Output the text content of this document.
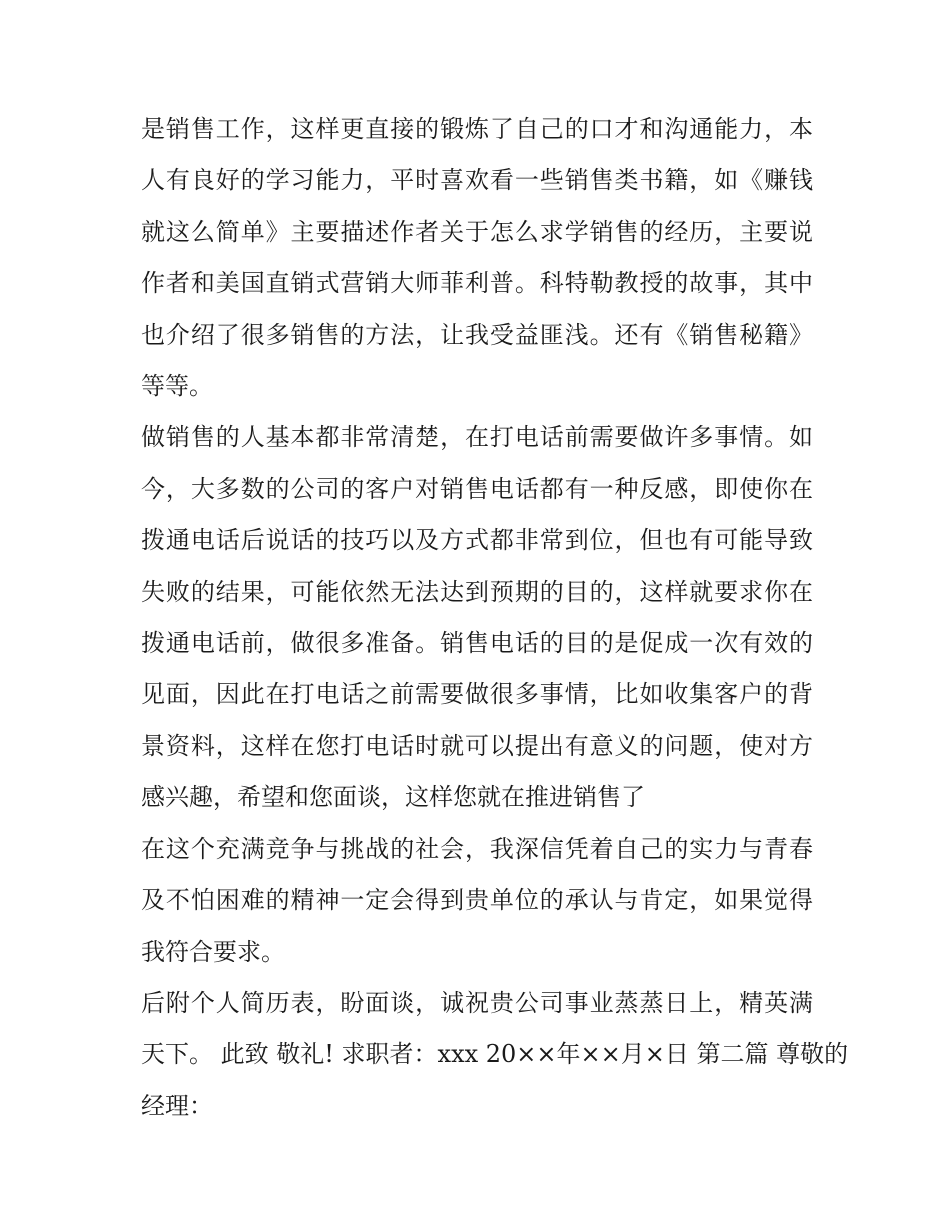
是销售工作，这样更直接的锻炼了自己的口才和沟通能力，本
人有良好的学习能力，平时喜欢看一些销售类书籍，如《赚钱
就这么简单》主要描述作者关于怎么求学销售的经历，主要说
作者和美国直销式营销大师菲利普。科特勒教授的故事，其中
也介绍了很多销售的方法，让我受益匪浅。还有《销售秘籍》
等等。

做销售的人基本都非常清楚，在打电话前需要做许多事情。如
今，大多数的公司的客户对销售电话都有一种反感，即使你在
拨通电话后说话的技巧以及方式都非常到位，但也有可能导致
失败的结果，可能依然无法达到预期的目的，这样就要求你在
拨通电话前，做很多准备。销售电话的目的是促成一次有效的
见面，因此在打电话之前需要做很多事情，比如收集客户的背
景资料，这样在您打电话时就可以提出有意义的问题，使对方
感兴趣，希望和您面谈，这样您就在推进销售了

在这个充满竞争与挑战的社会，我深信凭着自己的实力与青春
及不怕困难的精神一定会得到贵单位的承认与肯定，如果觉得
我符合要求。

后附个人简历表，盼面谈，诚祝贵公司事业蒸蒸日上，精英满
天下。 此致 敬礼! 求职者：xxx 20××年××月×日 第二篇 尊敬的
经理：
